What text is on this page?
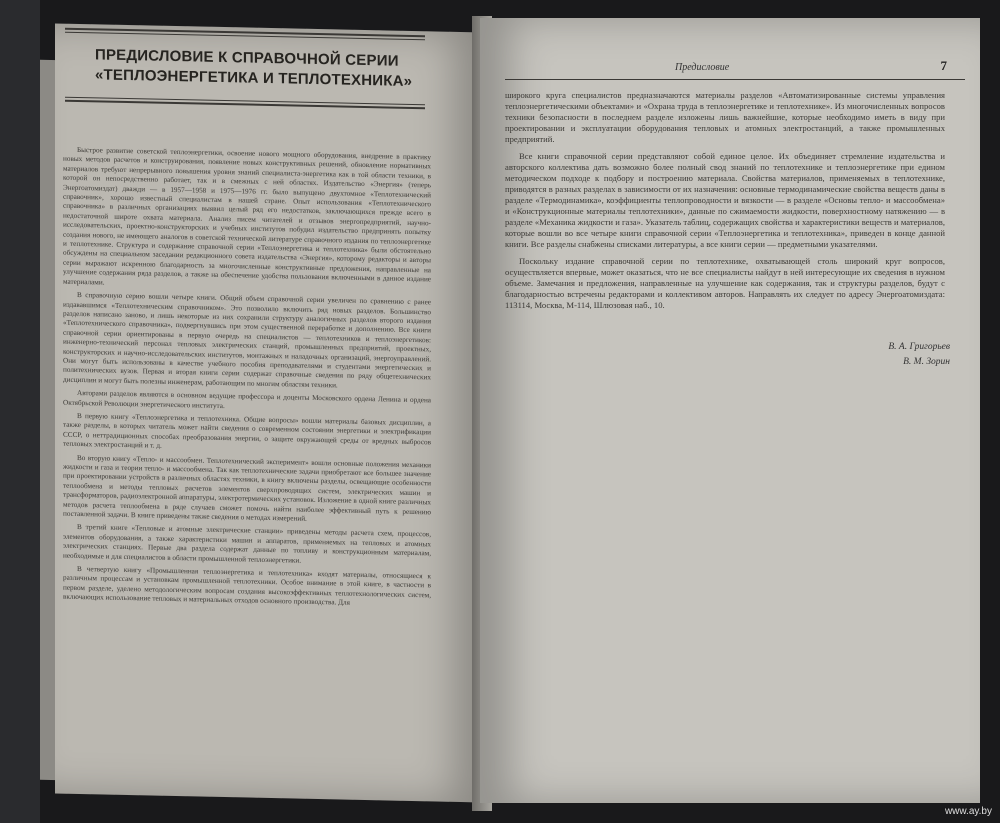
ПРЕДИСЛОВИЕ К СПРАВОЧНОЙ СЕРИИ
«ТЕПЛОЭНЕРГЕТИКА И ТЕПЛОТЕХНИКА»

Быстрое развитие советской теплоэнергетики, освоение нового мощного оборудования, внедрение в практику новых методов расчетов и конструирования, появление новых конструктивных решений, обновление нормативных материалов требуют непрерывного повышения уровня знаний специалиста-энергетика как в той области техники, в которой он непосредственно работает, так и в смежных с ней областях. Издательство «Энергия» (теперь Энергоатомиздат) дважди — в 1957—1958 и 1975—1976 гг. было выпущено двухтомное «Теплотехнический справочник», хорошо известный специалистам в нашей стране. Опыт использования «Теплотехнического справочника» в различных организациях выявил целый ряд его недостатков, заключающихся прежде всего в недостаточной широте охвата материала. Анализ писем читателей и отзывов энергопредприятий, научно-исследовательских, проектно-конструкторских и учебных институтов побудил издательство предпринять попытку создания нового, не имеющего аналогов в советской технической литературе справочного издания по теплоэнергетике и теплотехнике. Структура и содержание справочной серии «Теплоэнергетика и теплотехника» были обстоятельно обсуждены на специальном заседании редакционного совета издательства «Энергия», которому редакторы и авторы серии выражают искренною благодарность за многочисленные конструктивные предложения, направленные на улучшение содержания ряда разделов, а также на обеспечение удобства пользования включенными в данное издание материалами.

В справочную серию вошли четыре книги. Общий объем справочной серии увеличен по сравнению с ранее издававшимся «Теплотехническим справочником». Это позволило включить ряд новых разделов. Большинство разделов написано заново, и лишь некоторые из них сохранили структуру аналогичных разделов второго издания «Теплотехнического справочника», подвергнувшись при этом существенной переработке и дополнению. Все книги справочной серии ориентированы в первую очередь на специалистов — теплотехников и теплоэнергетиков: инженерно-технический персонал тепловых электрических станций, промышленных предприятий, проектных, конструкторских и научно-исследовательских институтов, монтажных и наладочных организаций, энергоуправлений. Они могут быть использованы в качестве учебного пособия преподавателями и студентами энергетических и политехнических вузов. Первая и вторая книги серии содержат справочные сведения по ряду общетехнических дисциплин и могут быть полезны инженерам, работающим по многим областям техники.

Авторами разделов являются в основном ведущие профессора и доценты Московского ордена Ленина и ордена Октябрьской Революции энергетического института.

В первую книгу «Теплоэнергетика и теплотехника. Общие вопросы» вошли материалы базовых дисциплин, а также разделы, в которых читатель может найти сведения о современном состоянии энергетики и электрификации СССР, о неттрадиционных способах преобразования энергии, о защите окружающей среды от вредных выбросов тепловых электростанций и т. д.

Во вторую книгу «Тепло- и массообмен. Теплотехнический эксперимент» вошли основные положения механики жидкости и газа и теории тепло- и массообмена. Так как теплотехнические задачи приобретают все большее значение при проектировании устройств в различных областях техники, в книгу включены разделы, освещающие особенности теплообмена и методы тепловых расчетов элементов сверхпроводящих систем, электрических машин и трансформаторов, радиоэлектронной аппаратуры, электротермических установок. Изложение в одной книге различных методов расчета теплообмена в ряде случаев сможет помочь найти наиболее эффективный путь к решению поставленной задачи. В книге приведены также сведения о методах измерений.

В третий книге «Тепловые и атомные электрические станции» приведены методы расчета схем, процессов, элементов оборудования, а также характеристики машин и аппаратов, применяемых на тепловых и атомных электрических станциях. Первые два раздела содержат данные по топливу и конструкционным материалам, необходимые и для специалистов в области промышленной теплоэнергетики.

В четвертую книгу «Промышленная теплоэнергетика и теплотехника» входят материалы, относящиеся к различным процессам и установкам промышленной теплотехники. Особое внимание в этой книге, в частности в первом разделе, уделено методологическим вопросам создания высокоэффективных теплотехнологических систем, включающих использование тепловых и материальных отходов основного производства. Для

Предисловие	7

широкого круга специалистов предназначаются материалы разделов «Автоматизированные системы управления теплоэнергетическими объектами» и «Охрана труда в теплоэнергетике и теплотехнике». Из многочисленных вопросов техники безопасности в последнем разделе изложены лишь важнейшие, которые необходимо иметь в виду при проектировании и эксплуатации оборудования тепловых и атомных электростанций, а также промышленных предприятий.

Все книги справочной серии представляют собой единое целое. Их объединяет стремление издательства и авторского коллектива дать возможно более полный свод знаний по теплотехнике и теплоэнергетике при едином методическом подходе к подбору и построению материала. Свойства материалов, применяемых в теплотехнике, приводятся в разных разделах в зависимости от их назначения: основные термодинамические свойства веществ даны в разделе «Термодинамика», коэффициенты теплопроводности и вязкости — в разделе «Основы тепло- и массообмена» и «Конструкционные материалы теплотехники», данные по сжимаемости жидкости, поверхностному натяжению — в разделе «Механика жидкости и газа». Указатель таблиц, содержащих свойства и характеристики веществ и материалов, которые вошли во все четыре книги справочной серии «Теплоэнергетика и теплотехника», приведен в конце данной книги. Все разделы снабжены списками литературы, а все книги серии — предметными указателями.

Поскольку издание справочной серии по теплотехнике, охватывающей столь широкий круг вопросов, осуществляется впервые, может оказаться, что не все специалисты найдут в ней интересующие их сведения в нужном объеме. Замечания и предложения, направленные на улучшение как содержания, так и структуры разделов, будут с благодарностью встречены редакторами и коллективом авторов. Направлять их следует по адресу Энергоатомиздата: 113114, Москва, М-114, Шлюзовая наб., 10.

В. А. Григорьев
В. М. Зорин
www.ay.by
